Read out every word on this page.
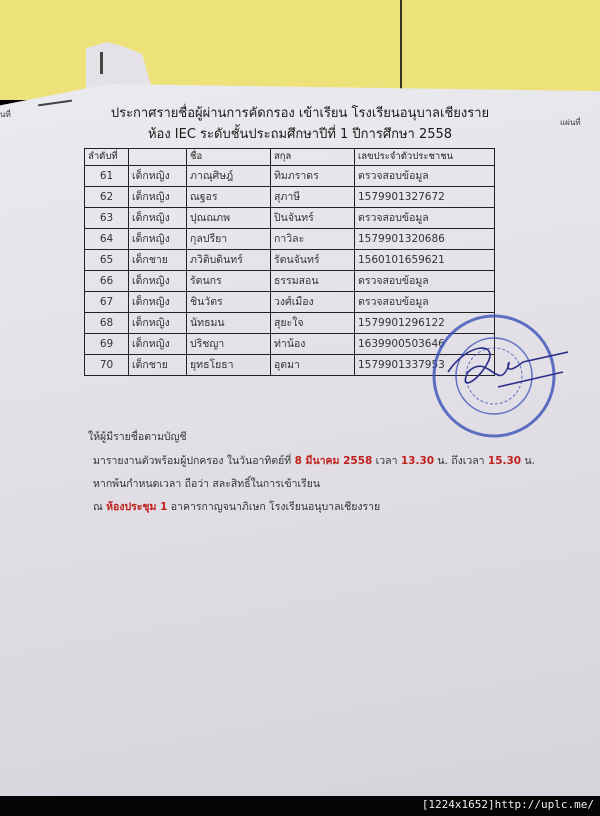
นที่
แผ่นที่
ประกาศรายชื่อผู้ผ่านการคัดกรอง เข้าเรียน โรงเรียนอนุบาลเชียงราย
ห้อง IEC ระดับชั้นประถมศึกษาปีที่ 1 ปีการศึกษา 2558
ลำดับที่		ชื่อ	สกุล	เลขประจำตัวประชาชน
61	เด็กหญิง	ภาณุศิษฎ์	ทิมภราดร	ตรวจสอบข้อมูล
62	เด็กหญิง	ณฐอร	สุภาษี	1579901327672
63	เด็กหญิง	ปุณณภพ	ปินจันทร์	ตรวจสอบข้อมูล
64	เด็กหญิง	กุลปรียา	กาวิละ	1579901320686
65	เด็กชาย	ภวิติบดินทร์	รัตนจันทร์	1560101659621
66	เด็กหญิง	รัตนกร	ธรรมสอน	ตรวจสอบข้อมูล
67	เด็กหญิง	ชินวัตร	วงศ์เมือง	ตรวจสอบข้อมูล
68	เด็กหญิง	นัทธมน	สุยะใจ	1579901296122
69	เด็กหญิง	ปริชญา	ท่าน้อง	1639900503646
70	เด็กชาย	ยุทธโยธา	อุตมา	1579901337953
ให้ผู้มีรายชื่อตามบัญชี
มารายงานตัวพร้อมผู้ปกครอง ในวันอาทิตย์ที่ 8 มีนาคม 2558 เวลา 13.30 น. ถึงเวลา 15.30 น.
หากพ้นกำหนดเวลา ถือว่า สละสิทธิ์ในการเข้าเรียน
ณ ห้องประชุม 1 อาคารกาญจนาภิเษก โรงเรียนอนุบาลเชียงราย
[1224x1652]http://uplc.me/
